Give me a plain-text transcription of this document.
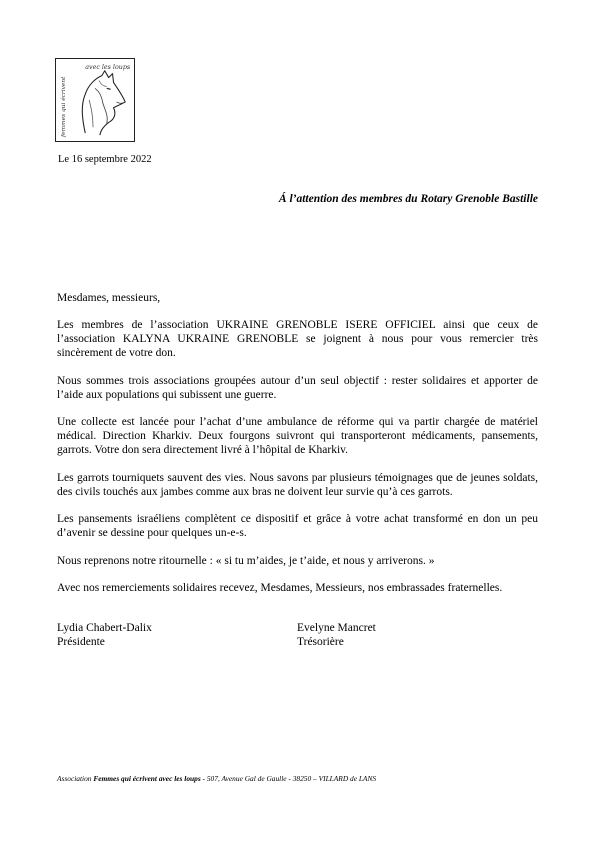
avec les loups
femmes qui écrivent
Le 16 septembre 2022
Á l’attention des membres du Rotary Grenoble Bastille

Mesdames, messieurs,

Les membres de l’association UKRAINE GRENOBLE ISERE OFFICIEL ainsi que ceux de l’association KALYNA UKRAINE GRENOBLE se joignent à nous pour vous remercier très sincèrement de votre don.

Nous sommes trois associations groupées autour d’un seul objectif : rester solidaires et apporter de l’aide aux populations qui subissent une guerre.

Une collecte est lancée pour l’achat d’une ambulance de réforme qui va partir chargée de matériel médical. Direction Kharkiv. Deux fourgons suivront qui transporteront médicaments, pansements, garrots. Votre don sera directement livré à l’hôpital de Kharkiv.

Les garrots tourniquets sauvent des vies. Nous savons par plusieurs témoignages que de jeunes soldats, des civils touchés aux jambes comme aux bras ne doivent leur survie qu’à ces garrots.

Les pansements israéliens complètent ce dispositif et grâce à votre achat transformé en don un peu d’avenir se dessine pour quelques un-e-s.

Nous reprenons notre ritournelle : « si tu m’aides, je t’aide, et nous y arriverons. »

Avec nos remerciements solidaires recevez, Mesdames, Messieurs, nos embrassades fraternelles.

Lydia Chabert-Dalix
Présidente
Evelyne Mancret
Trésorière
Association Femmes qui écrivent avec les loups - 507, Avenue Gal de Gaulle - 38250 – VILLARD de LANS
